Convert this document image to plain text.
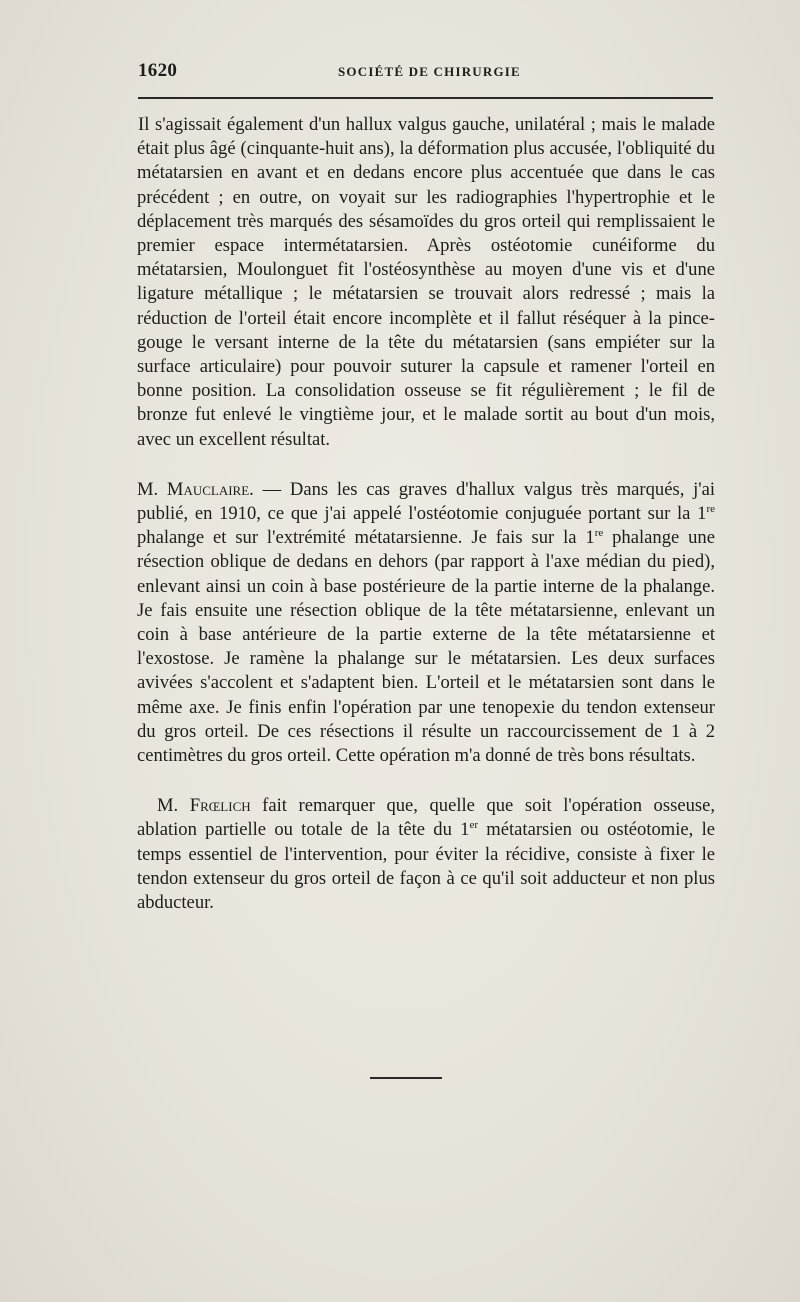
1620	SOCIÉTÉ DE CHIRURGIE

Il s'agissait également d'un hallux valgus gauche, unilatéral ; mais le malade était plus âgé (cinquante-huit ans), la déformation plus accusée, l'obliquité du métatarsien en avant et en dedans encore plus accentuée que dans le cas précédent ; en outre, on voyait sur les radiographies l'hypertrophie et le déplacement très marqués des sésamoïdes du gros orteil qui remplissaient le premier espace intermétatarsien. Après ostéotomie cunéiforme du métatarsien, Moulonguet fit l'ostéosynthèse au moyen d'une vis et d'une ligature métallique ; le métatarsien se trouvait alors redressé ; mais la réduction de l'orteil était encore incomplète et il fallut réséquer à la pince-gouge le versant interne de la tête du métatarsien (sans empiéter sur la surface articulaire) pour pouvoir suturer la capsule et ramener l'orteil en bonne position. La consolidation osseuse se fit régulièrement ; le fil de bronze fut enlevé le vingtième jour, et le malade sortit au bout d'un mois, avec un excellent résultat.

M. Mauclaire. — Dans les cas graves d'hallux valgus très marqués, j'ai publié, en 1910, ce que j'ai appelé l'ostéotomie conjuguée portant sur la 1re phalange et sur l'extrémité métatarsienne. Je fais sur la 1re phalange une résection oblique de dedans en dehors (par rapport à l'axe médian du pied), enlevant ainsi un coin à base postérieure de la partie interne de la phalange. Je fais ensuite une résection oblique de la tête métatarsienne, enlevant un coin à base antérieure de la partie externe de la tête métatarsienne et l'exostose. Je ramène la phalange sur le métatarsien. Les deux surfaces avivées s'accolent et s'adaptent bien. L'orteil et le métatarsien sont dans le même axe. Je finis enfin l'opération par une tenopexie du tendon extenseur du gros orteil. De ces résections il résulte un raccourcissement de 1 à 2 centimètres du gros orteil. Cette opération m'a donné de très bons résultats.

M. Frœlich fait remarquer que, quelle que soit l'opération osseuse, ablation partielle ou totale de la tête du 1er métatarsien ou ostéotomie, le temps essentiel de l'intervention, pour éviter la récidive, consiste à fixer le tendon extenseur du gros orteil de façon à ce qu'il soit adducteur et non plus abducteur.
